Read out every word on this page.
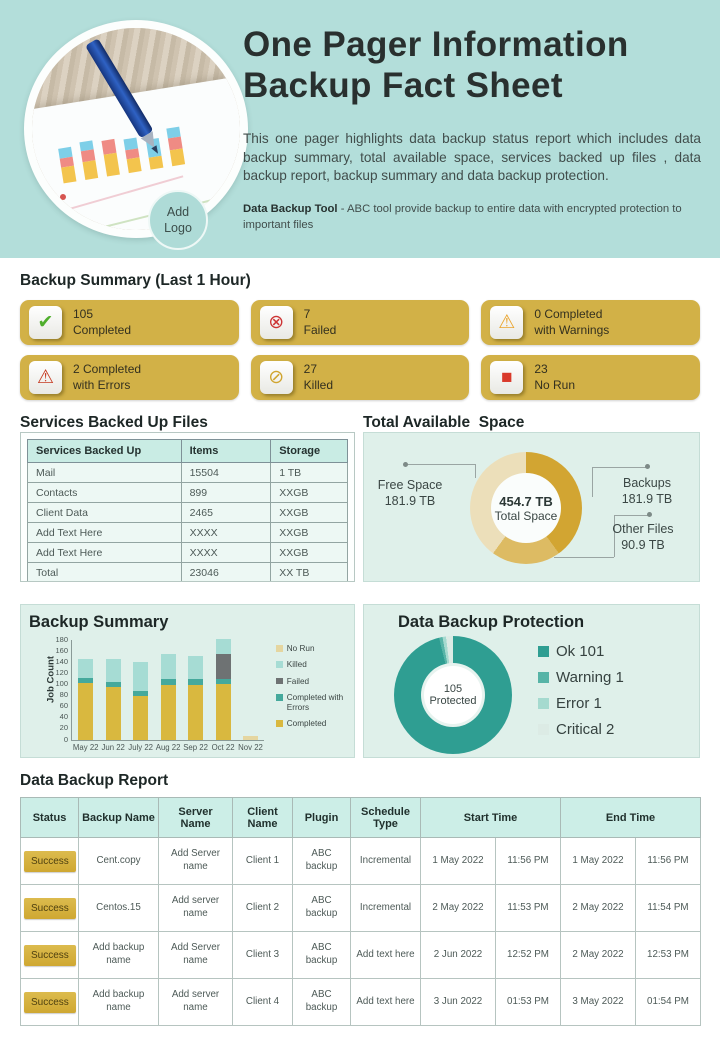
Add
Logo
One Pager Information
Backup Fact Sheet

This one pager highlights data backup status report which includes data backup summary, total available space, services backed up files , data backup report, backup summary and data backup protection.

Data Backup Tool - ABC tool provide backup to entire data with encrypted protection to important files

Backup Summary (Last 1 Hour)
✔ 105
Completed	⊗ 7
Failed	⚠ 0 Completed
with Warnings
⚠ 2 Completed
with Errors	⊘ 27
Killed	■ 23
No Run
Services Backed Up Files
Services Backed Up	Items	Storage
Mail	15504	1 TB
Contacts	899	XXGB
Client Data	2465	XXGB
Add Text Here	XXXX	XXGB
Add Text Here	XXXX	XXGB
Total	23046	XX TB
Total Available  Space
454.7 TB
Total Space
Free Space
181.9 TB
Backups
181.9 TB
Other Files
90.9 TB
Backup Summary
Job Count
0
20
40
60
80
100
120
140
160
180
May 22 Jun 22 July 22 Aug 22 Sep 22 Oct 22 Nov 22
No Run
Killed
Failed
Completed with Errors
Completed
Data Backup Protection
105
Protected
Ok 101
Warning 1
Error 1
Critical 2
Data Backup Report
Status	Backup Name	Server Name	Client Name	Plugin	Schedule Type	Start Time		End Time	
Success	Cent.copy	Add Server name	Client 1	ABC backup	Incremental	1 May 2022	11:56 PM	1 May 2022	11:56 PM
Success	Centos.15	Add server name	Client 2	ABC backup	Incremental	2 May 2022	11:53 PM	2 May 2022	11:54 PM
Success	Add backup name	Add Server name	Client 3	ABC backup	Add text here	2 Jun 2022	12:52 PM	2 May 2022	12:53 PM
Success	Add backup name	Add server name	Client 4	ABC backup	Add text here	3 Jun 2022	01:53 PM	3 May 2022	01:54 PM
